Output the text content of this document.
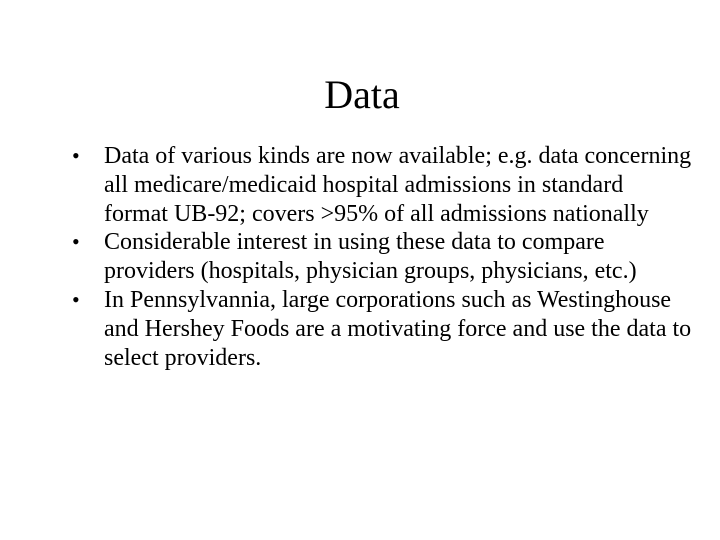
Data
•	Data of various kinds are now available; e.g. data concerning all medicare/medicaid hospital admissions in standard format UB-92; covers >95% of all admissions nationally
•	Considerable interest in using these data to compare providers (hospitals, physician groups, physicians, etc.)
•	In Pennsylvannia, large corporations such as Westinghouse and Hershey Foods are a motivating force and use the data to select providers.
